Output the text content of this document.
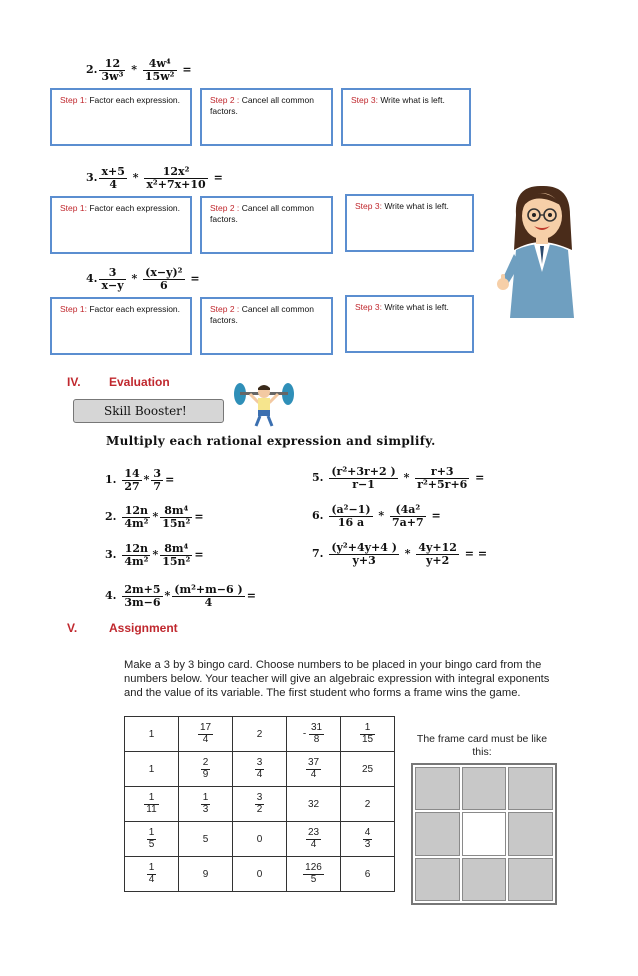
2. $\frac{12}{\text{3w³}} * \frac{\text{4w⁴}}{\text{15w²}}$ =
Step 1: Factor each expression.	Step 2 : Cancel all common factors.
Step 3: Write what is left.
3. $\frac{x+5}{4} * \frac{\text{12x²}}{\text{x²+7x+10}}$ =
Step 1: Factor each expression.	Step 2 : Cancel all common factors.
Step 3: Write what is left.
4. $\frac{3}{x-y} * \frac{\text{(x−y)²}}{6}$ =
Step 1: Factor each expression.	Step 2 : Cancel all common factors.
Step 3: Write what is left.
IV. Evaluation
Skill Booster!
Multiply each rational expression and simplify.
1. $\frac{14}{27} * \frac{3}{7}$ =
2. $\frac{12n}{\text{4m²}} * \frac{\text{8m⁴}}{\text{15n²}}$ =
3. $\frac{12n}{\text{4m²}} * \frac{\text{8m⁴}}{\text{15n²}}$ =
4. $\frac{2m+5}{3m-6} * \frac{\text{(m²+m−6 )}}{4}$ =
5. $\frac{\text{(r²+3r+2 )}}{r-1} * \frac{r+3}{\text{r²+5r+6}}$ =
6. $\frac{\text{(a²−1)}}{16 a} * \frac{\text{(4a²}}{7a+7}$ =
7. $\frac{\text{(y²+4y+4 )}}{y+3} * \frac{4y+12}{y+2}$ = =
V.	Assignment
Make a 3 by 3 bingo card. Choose numbers to be placed in your bingo card from the numbers below. Your teacher will give an algebraic expression with integral exponents and the value of its variable. The first student who forms a frame wins the game.
1	$\frac{17}{4}$	2	- $\frac{31}{8}$	$\frac{1}{15}$

1	$\frac{2}{9}$	$\frac{3}{4}$	$\frac{37}{4}$	25

$\frac{1}{11}$	$\frac{1}{3}$	$\frac{3}{2}$	32	2

$\frac{1}{5}$	5	0	$\frac{23}{4}$	$\frac{4}{3}$

$\frac{1}{4}$	9	0	$\frac{126}{5}$	6
The frame card must be like this:
